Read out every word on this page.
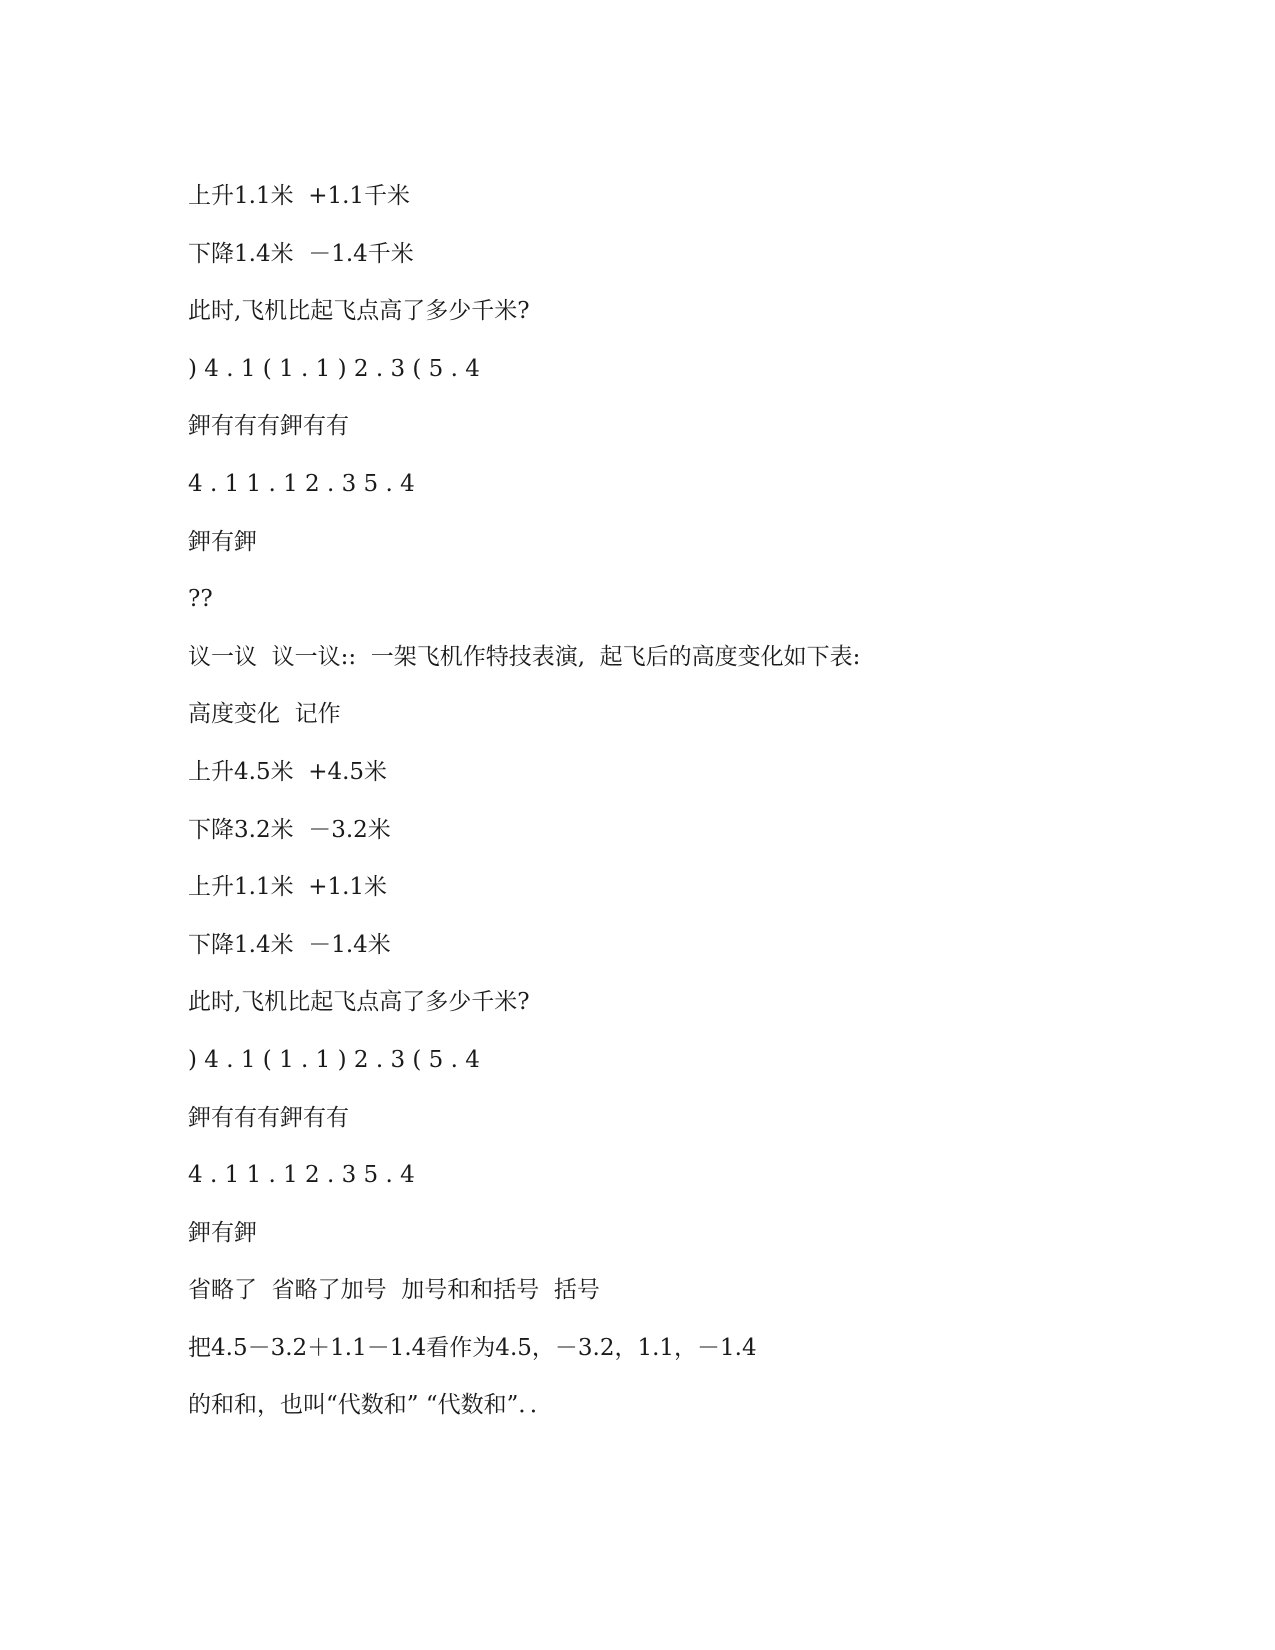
上升1.1米  +1.1千米
下降1.4米  －1.4千米
此时,飞机比起飞点高了多少千米?
) 4 . 1 ( 1 . 1 ) 2 . 3 ( 5 . 4
鉀有有有鉀有有
4 . 1 1 . 1 2 . 3 5 . 4
鉀有鉀
??
议一议  议一议::  一架飞机作特技表演,  起飞后的高度变化如下表:
高度变化  记作
上升4.5米  +4.5米
下降3.2米  －3.2米
上升1.1米  +1.1米
下降1.4米  －1.4米
此时,飞机比起飞点高了多少千米?
) 4 . 1 ( 1 . 1 ) 2 . 3 ( 5 . 4
鉀有有有鉀有有
4 . 1 1 . 1 2 . 3 5 . 4
鉀有鉀
省略了  省略了加号  加号和和括号  括号
把4.5－3.2＋1.1－1.4看作为4.5，－3.2，1.1，－1.4
的和和，也叫“代数和” “代数和”．．
